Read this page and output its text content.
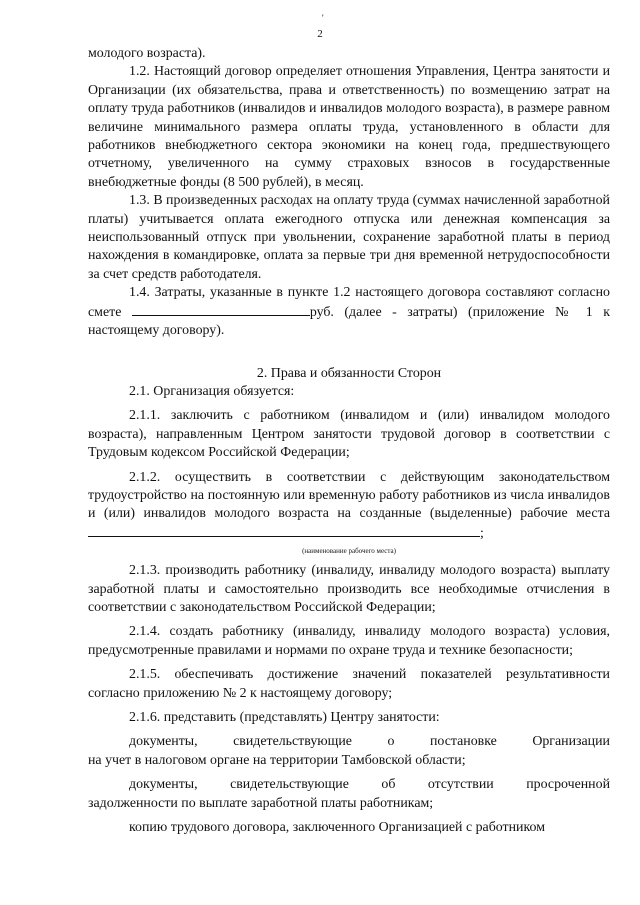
'
2

молодого возраста).

1.2. Настоящий договор определяет отношения Управления, Центра занятости и Организации (их обязательства, права и ответственность) по возмещению затрат на оплату труда работников (инвалидов и инвалидов молодого возраста), в размере равном величине минимального размера оплаты труда, установленного в области для работников внебюджетного сектора экономики на конец года, предшествующего отчетному, увеличенного на сумму страховых взносов в государственные внебюджетные фонды (8 500 рублей), в месяц.

1.3. В произведенных расходах на оплату труда (суммах начисленной заработной платы) учитывается оплата ежегодного отпуска или денежная компенсация за неиспользованный отпуск при увольнении, сохранение заработной платы в период нахождения в командировке, оплата за первые три дня временной нетрудоспособности за счет средств работодателя.

1.4. Затраты, указанные в пункте 1.2 настоящего договора составляют согласно смете	руб. (далее - затраты) (приложение № 1 к настоящему договору).

2. Права и обязанности Сторон

2.1. Организация обязуется:

2.1.1. заключить с работником (инвалидом и (или) инвалидом молодого возраста), направленным Центром занятости трудовой договор в соответствии с Трудовым кодексом Российской Федерации;

2.1.2. осуществить в соответствии с действующим законодательством трудоустройство на постоянную или временную работу работников из числа инвалидов и (или) инвалидов молодого возраста на созданные (выделенные) рабочие места ;

(наименование рабочего места)

2.1.3. производить работнику (инвалиду, инвалиду молодого возраста) выплату заработной платы и самостоятельно производить все необходимые отчисления в соответствии с законодательством Российской Федерации;

2.1.4. создать работнику (инвалиду, инвалиду молодого возраста) условия, предусмотренные правилами и нормами по охране труда и технике безопасности;

2.1.5. обеспечивать достижение значений показателей результативности согласно приложению № 2 к настоящему договору;

2.1.6. представить (представлять) Центру занятости:

документы,	свидетельствующие	о	постановке	Организации

на учет в налоговом органе на территории Тамбовской области;

документы, свидетельствующие об отсутствии просроченной

задолженности по выплате заработной платы работникам;

копию трудового договора, заключенного Организацией с работником
